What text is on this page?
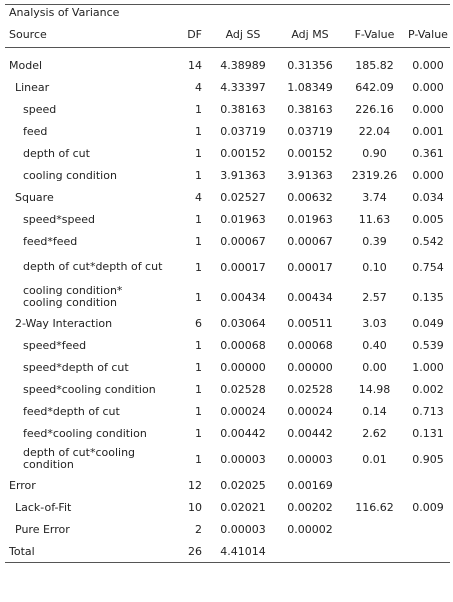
Analysis of Variance
Source	DF	Adj SS	Adj MS	F-Value	P-Value

Model	14	4.38989	0.31356	185.82	0.000
Linear	4	4.33397	1.08349	642.09	0.000
speed	1	0.38163	0.38163	226.16	0.000
feed	1	0.03719	0.03719	22.04	0.001
depth of cut	1	0.00152	0.00152	0.90	0.361
cooling condition	1	3.91363	3.91363	2319.26	0.000
Square	4	0.02527	0.00632	3.74	0.034
speed*speed	1	0.01963	0.01963	11.63	0.005
feed*feed	1	0.00067	0.00067	0.39	0.542
depth of cut*depth of cut	1	0.00017	0.00017	0.10	0.754
cooling condition* cooling condition	1	0.00434	0.00434	2.57	0.135
2-Way Interaction	6	0.03064	0.00511	3.03	0.049
speed*feed	1	0.00068	0.00068	0.40	0.539
speed*depth of cut	1	0.00000	0.00000	0.00	1.000
speed*cooling condition	1	0.02528	0.02528	14.98	0.002
feed*depth of cut	1	0.00024	0.00024	0.14	0.713
feed*cooling condition	1	0.00442	0.00442	2.62	0.131
depth of cut*cooling condition	1	0.00003	0.00003	0.01	0.905
Error	12	0.02025	0.00169		
Lack-of-Fit	10	0.02021	0.00202	116.62	0.009
Pure Error	2	0.00003	0.00002		
Total	26	4.41014			
